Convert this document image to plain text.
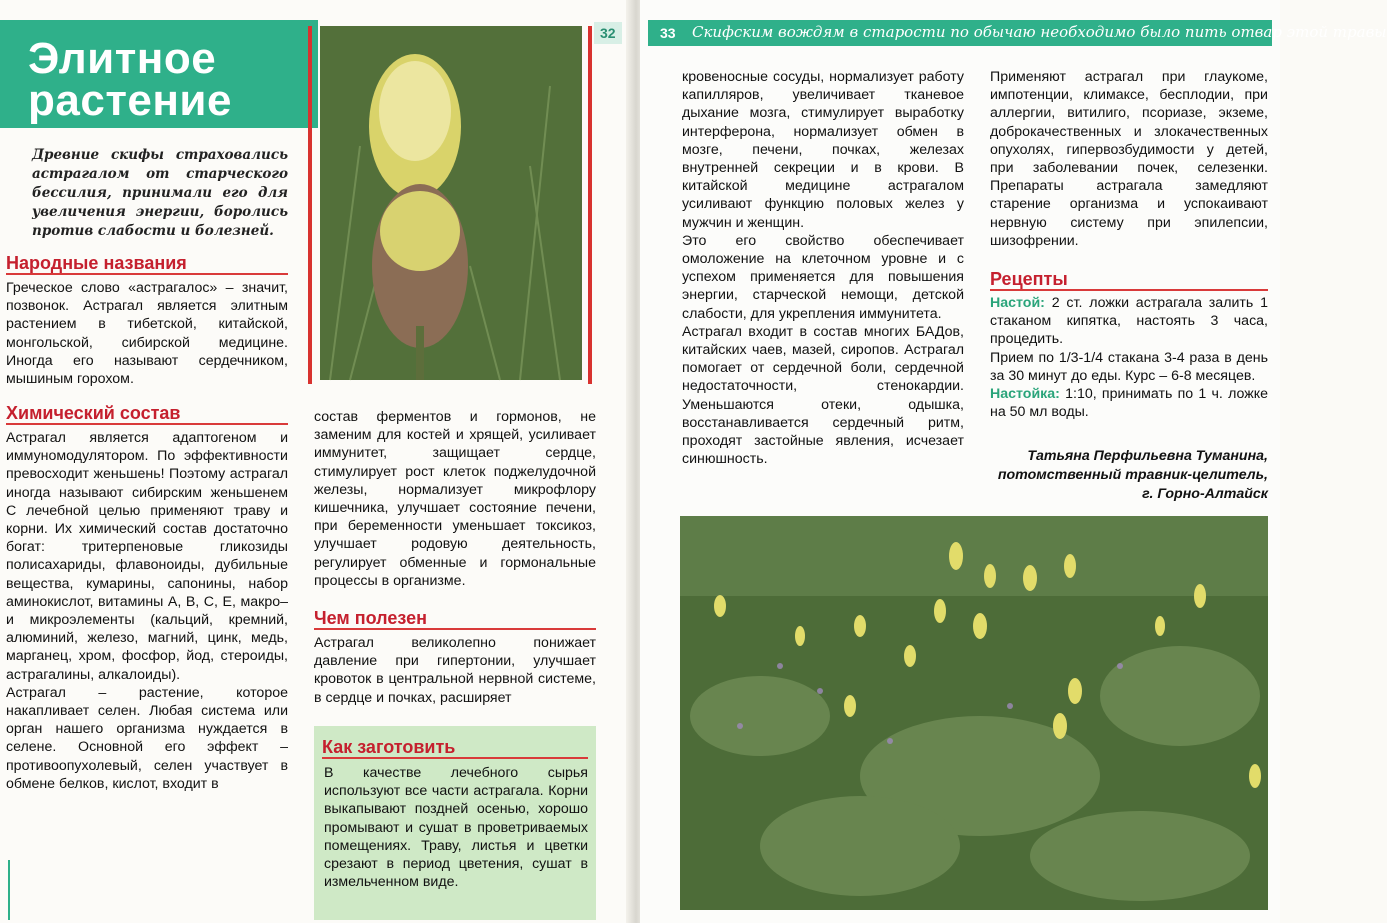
Элитное
растение
Древние скифы страховались астрагалом от старческого бессилия, принимали его для увеличения энергии, боролись против слабости и болезней.
Народные названия
Греческое слово «астрагалос» – значит, позвонок. Астрагал является элитным растением в тибетской, китайской, монгольской, сибирской медицине. Иногда его называют сердечником, мышиным горохом.
Химический состав

Астрагал является адаптогеном и иммуномодулятором. По эффективности превосходит женьшень! Поэтому астрагал иногда называют сибирским женьшенем С лечебной целью применяют траву и корни. Их химический состав достаточно богат: тритерпеновые гликозиды полисахариды, флавоноиды, дубильные вещества, кумарины, сапонины, набор аминокислот, витамины А, В, С, Е, макро– и микроэлементы (кальций, кремний, алюминий, железо, магний, цинк, медь, марганец, хром, фосфор, йод, стероиды, астрагалины, алкалоиды).

Астрагал – растение, которое накапливает селен. Любая система или орган нашего организма нуждается в селене. Основной его эффект – противоопухолевый, селен участвует в обмене белков, кислот, входит в

состав ферментов и гормонов, не заменим для костей и хрящей, усиливает иммунитет, защищает сердце, стимулирует рост клеток поджелудочной железы, нормализует микрофлору кишечника, улучшает состояние печени, при беременности уменьшает токсикоз, улучшает родовую деятельность, регулирует обменные и гормональные процессы в организме.
Чем полезен
Астрагал великолепно понижает давление при гипертонии, улучшает кровоток в центральной нервной системе, в сердце и почках, расширяет
Как заготовить
В качестве лечебного сырья используют все части астрагала. Корни выкапывают поздней осенью, хорошо промывают и сушат в проветриваемых помещениях. Траву, листья и цветки срезают в период цветения, сушат в измельченном виде.
32	Скифским вождям в старости по обычаю необходимо было пить отвар этой травы
33

кровеносные сосуды, нормализует работу капилляров, увеличивает тканевое дыхание мозга, стимулирует выработку интерферона, нормализует обмен в мозге, печени, почках, железах внутренней секреции и в крови. В китайской медицине астрагалом усиливают функцию половых желез у мужчин и женщин.

Это его свойство обеспечивает омоложение на клеточном уровне и с успехом применяется для повышения энергии, старческой немощи, детской слабости, для укрепления иммунитета.

Астрагал входит в состав многих БАДов, китайских чаев, мазей, сиропов. Астрагал помогает от сердечной боли, сердечной недостаточности, стенокардии. Уменьшаются отеки, одышка, восстанавливается сердечный ритм, проходят застойные явления, исчезает синюшность.

Применяют астрагал при глаукоме, импотенции, климаксе, бесплодии, при аллергии, витилиго, псориазе, экземе, доброкачественных и злокачественных опухолях, гипервозбудимости у детей, при заболевании почек, селезенки. Препараты астрагала замедляют старение организма и успокаивают нервную систему при эпилепсии, шизофрении.
Рецепты

Настой: 2 ст. ложки астрагала залить 1 стаканом кипятка, настоять 3 часа, процедить.

Прием по 1/3-1/4 стакана 3-4 раза в день за 30 минут до еды. Курс – 6-8 месяцев.

Настойка: 1:10, принимать по 1 ч. ложке на 50 мл воды.

Татьяна Перфильевна Туманина,
потомственный травник-целитель,
г. Горно-Алтайск
